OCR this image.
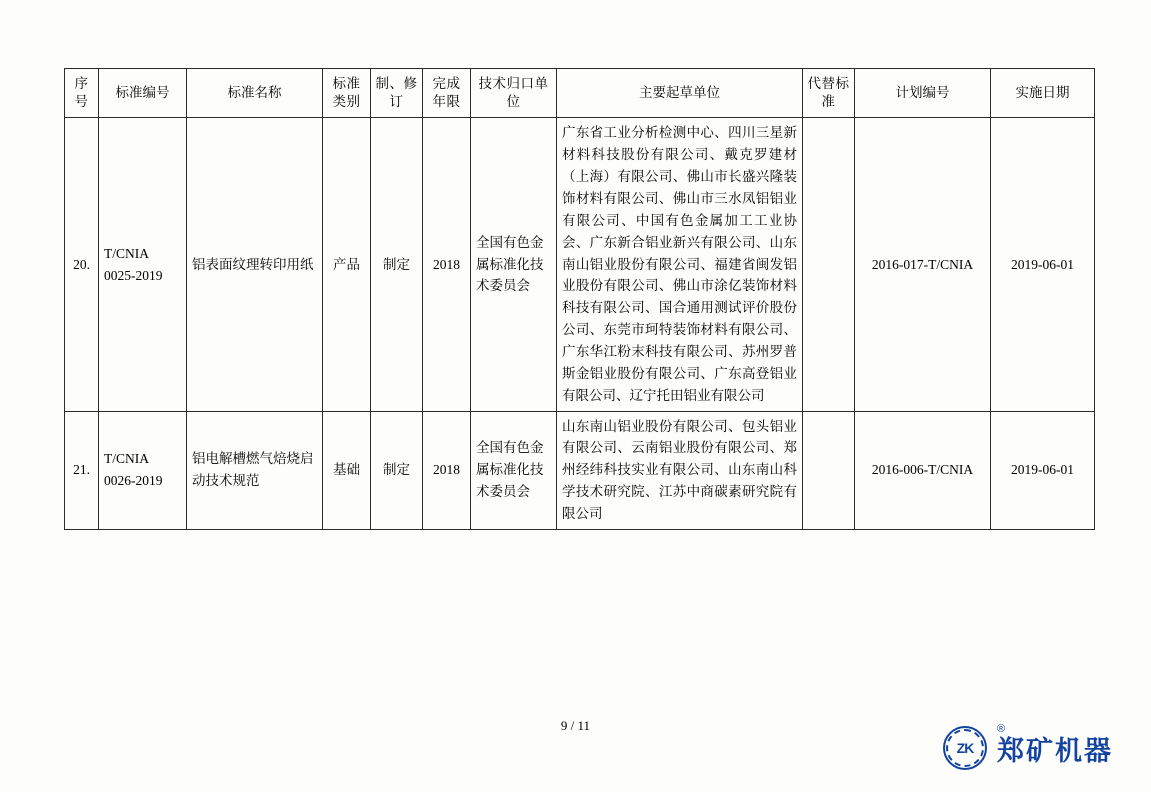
序号	标准编号	标准名称	标准类别	制、修订	完成年限	技术归口单位	主要起草单位	代替标准	计划编号	实施日期
20.	T/CNIA 0025-2019	铝表面纹理转印用纸	产品	制定	2018	全国有色金属标准化技术委员会	广东省工业分析检测中心、四川三星新材料科技股份有限公司、戴克罗建材（上海）有限公司、佛山市长盛兴隆装饰材料有限公司、佛山市三水凤铝铝业有限公司、中国有色金属加工工业协会、广东新合铝业新兴有限公司、山东南山铝业股份有限公司、福建省闽发铝业股份有限公司、佛山市涂亿装饰材料科技有限公司、国合通用测试评价股份公司、东莞市珂特装饰材料有限公司、广东华江粉末科技有限公司、苏州罗普斯金铝业股份有限公司、广东高登铝业有限公司、辽宁托田铝业有限公司		2016-017-T/CNIA	2019-06-01
21.	T/CNIA 0026-2019	铝电解槽燃气焙烧启动技术规范	基础	制定	2018	全国有色金属标准化技术委员会	山东南山铝业股份有限公司、包头铝业有限公司、云南铝业股份有限公司、郑州经纬科技实业有限公司、山东南山科学技术研究院、江苏中商碳素研究院有限公司		2016-006-T/CNIA	2019-06-01
9 / 11
ZK
®
郑矿机器
